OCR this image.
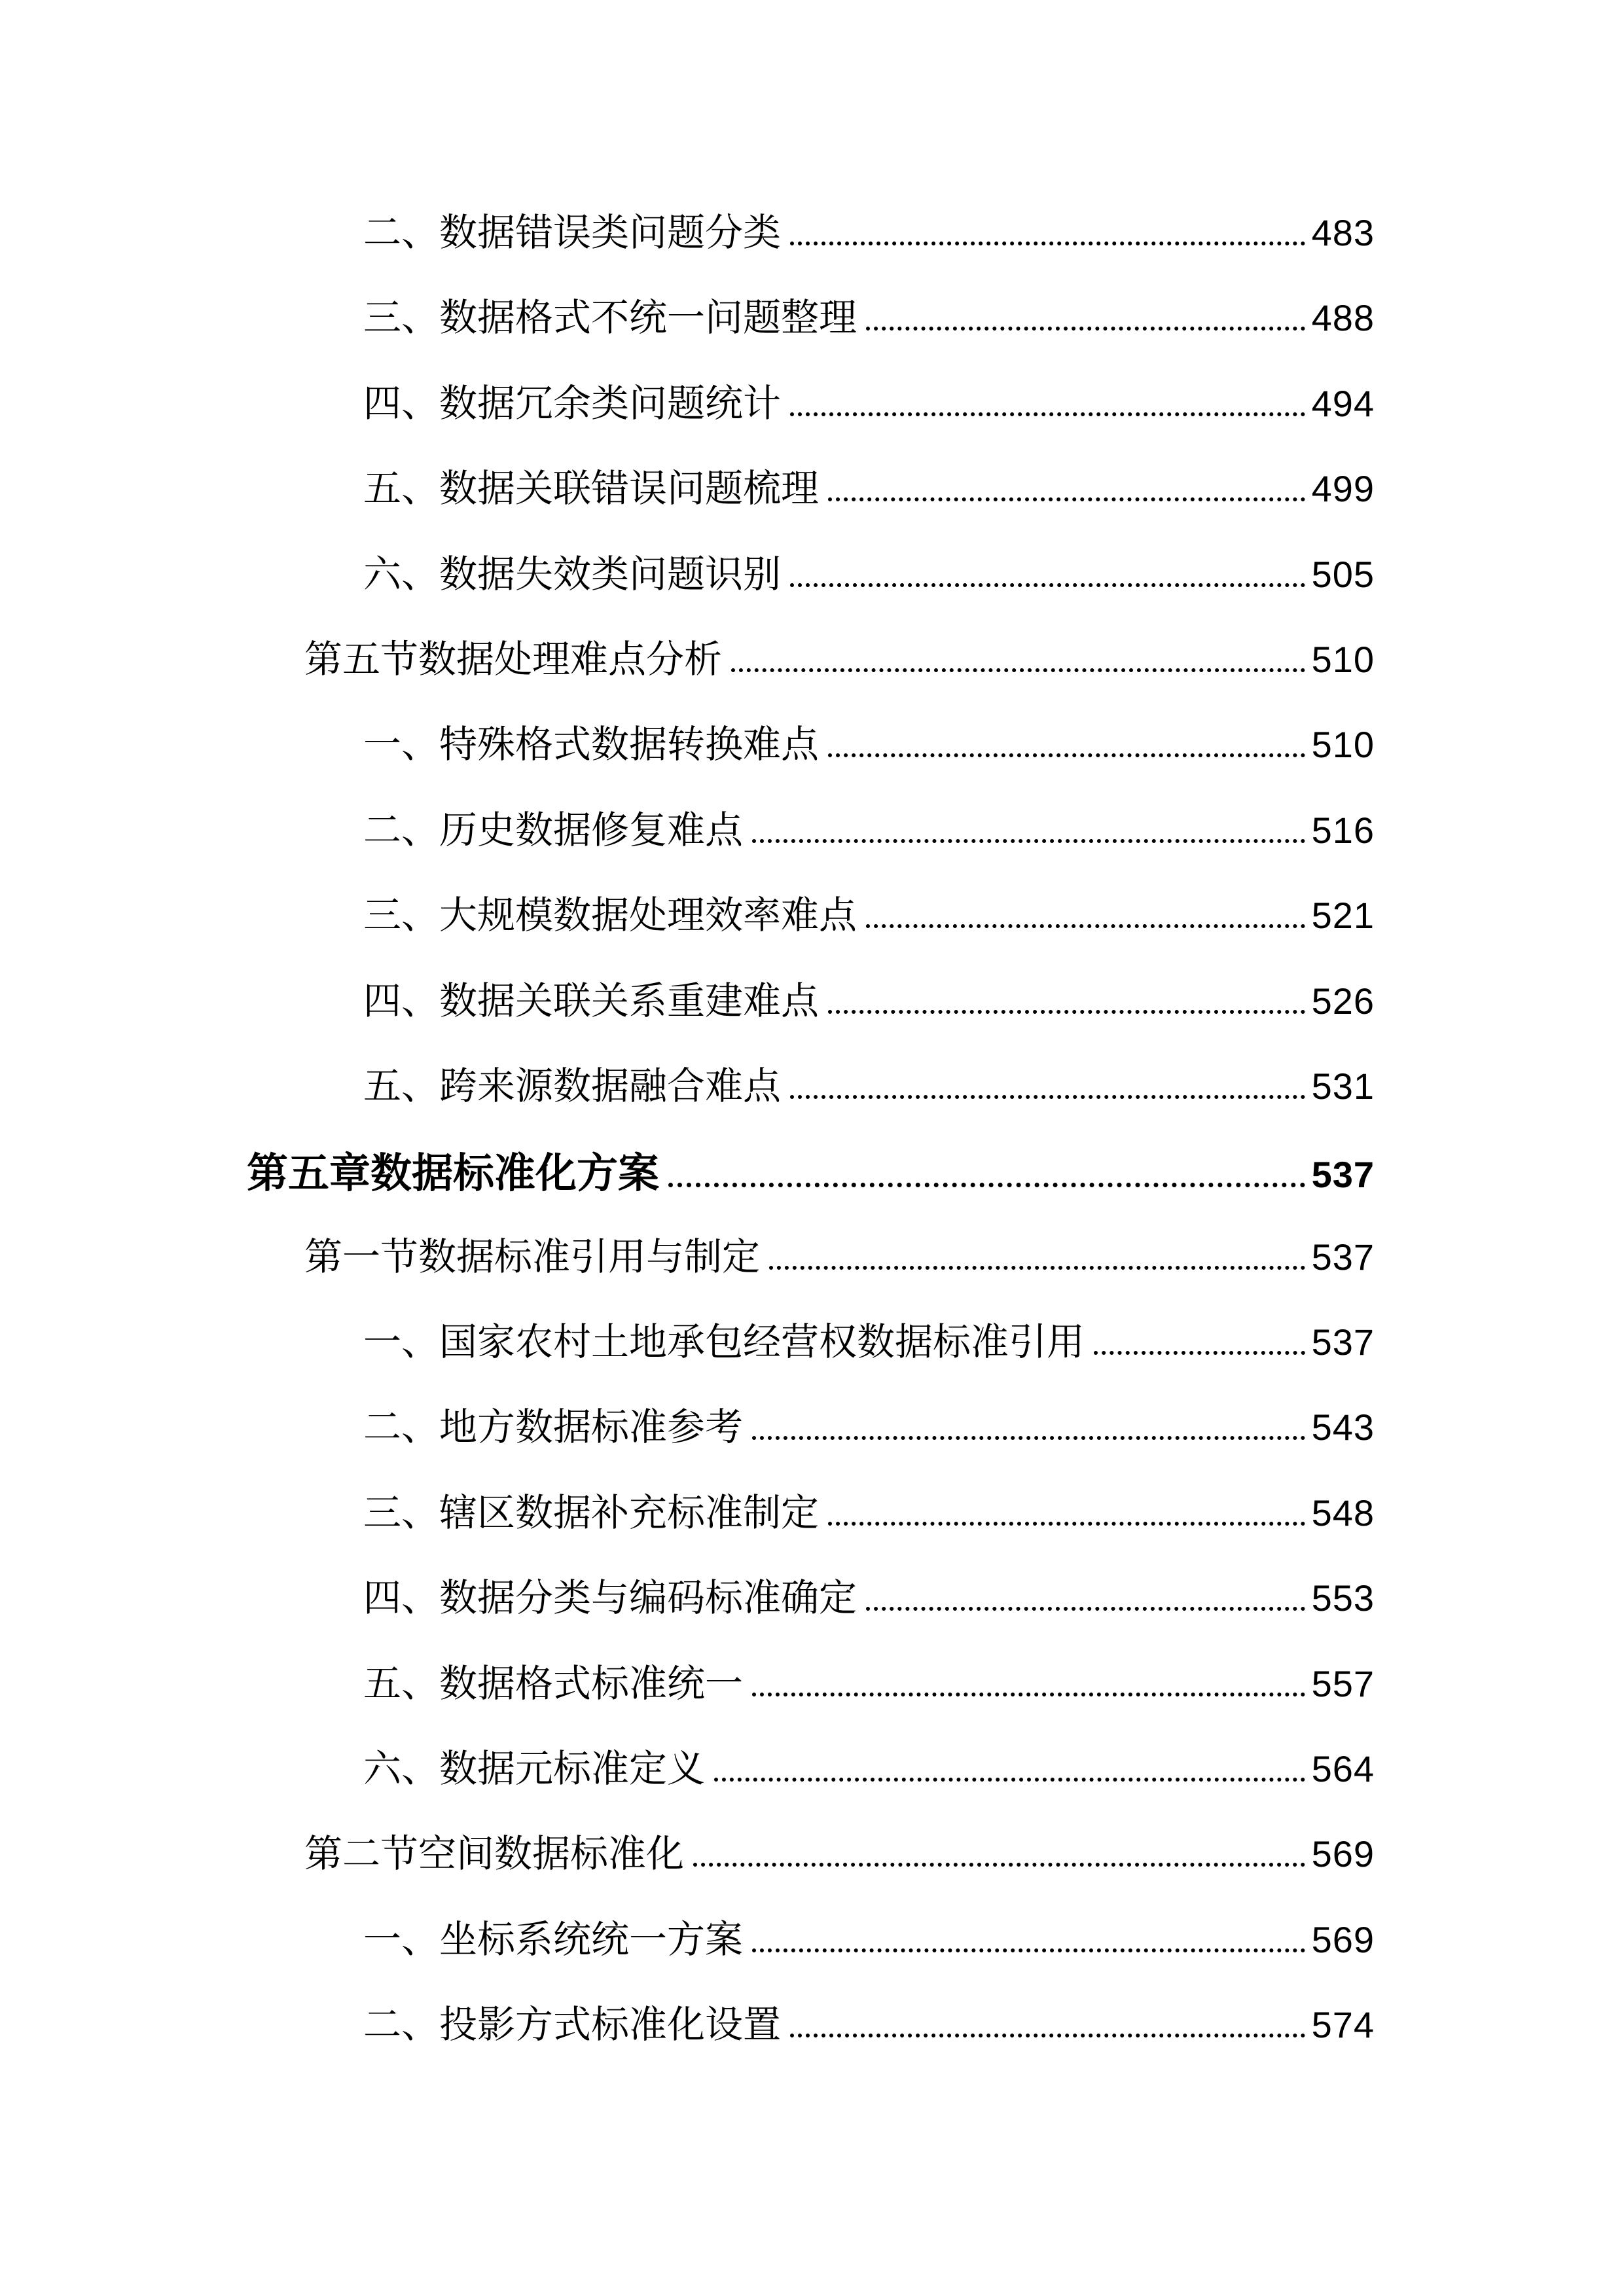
二、数据错误类问题分类	483
三、数据格式不统一问题整理	488
四、数据冗余类问题统计	494
五、数据关联错误问题梳理	499
六、数据失效类问题识别	505
第五节数据处理难点分析	510
一、特殊格式数据转换难点	510
二、历史数据修复难点	516
三、大规模数据处理效率难点	521
四、数据关联关系重建难点	526
五、跨来源数据融合难点	531
第五章数据标准化方案	537
第一节数据标准引用与制定	537
一、国家农村土地承包经营权数据标准引用	537
二、地方数据标准参考	543
三、辖区数据补充标准制定	548
四、数据分类与编码标准确定	553
五、数据格式标准统一	557
六、数据元标准定义	564
第二节空间数据标准化	569
一、坐标系统统一方案	569
二、投影方式标准化设置	574
